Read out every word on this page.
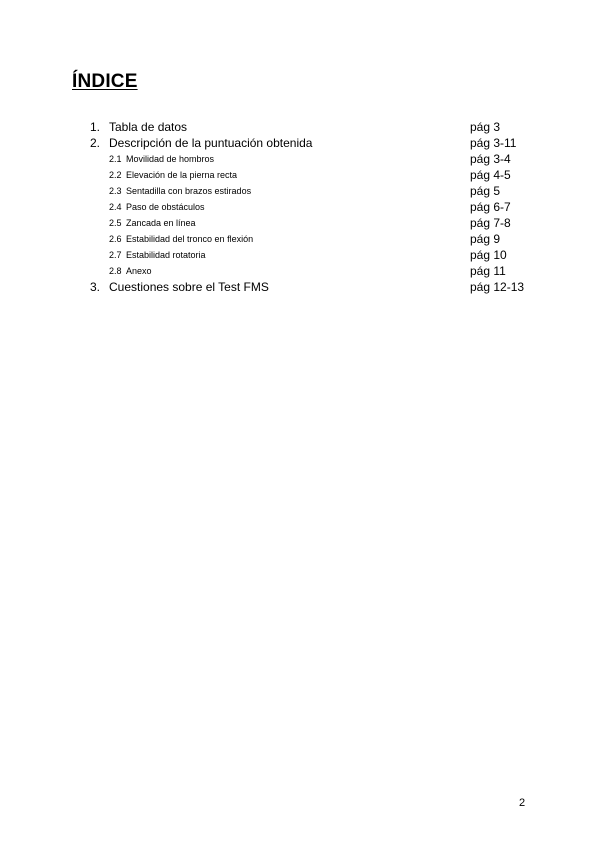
ÍNDICE
1. Tabla de datos	pág 3
2. Descripción de la puntuación obtenida	pág 3-11
2.1 Movilidad de hombros	pág 3-4
2.2 Elevación de la pierna recta	pág 4-5
2.3 Sentadilla con brazos estirados	pág 5
2.4 Paso de obstáculos	pág 6-7
2.5 Zancada en línea	pág 7-8
2.6 Estabilidad del tronco en flexión	pág 9
2.7 Estabilidad rotatoria	pág 10
2.8 Anexo	pág 11
3. Cuestiones sobre el Test FMS	pág 12-13
2
